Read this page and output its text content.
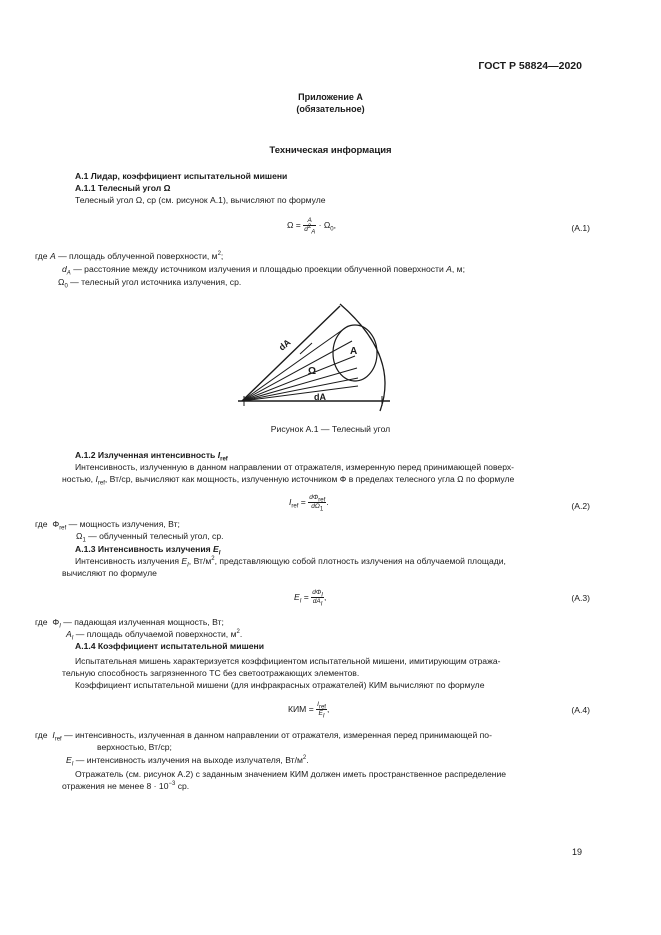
ГОСТ Р 58824—2020
Приложение А
(обязательное)
Техническая информация
А.1 Лидар, коэффициент испытательной мишени
А.1.1 Телесный угол Ω
Телесный угол Ω, ср (см. рисунок А.1), вычисляют по формуле
$\Omega = \frac{A}{d^2_A} \cdot \Omega_0$,	(А.1)
где A — площадь облученной поверхности, $м^2$;
$d_A$ — расстояние между источником излучения и площадью проекции облученной поверхности A, м;
$\Omega_0$ — телесный угол источника излучения, ср.
dA	A
Ω
dA
Рисунок А.1 — Телесный угол
А.1.2 Излученная интенсивность $I_{ref}$
Интенсивность, излученную в данном направлении от отражателя, измеренную перед принимающей поверх-
ностью, $I_{ref}$, Вт/ср, вычисляют как мощность, излученную источником Ф в пределах телесного угла Ω по формуле
$I_{ref} = \frac{d\Phi_{ref}}{d\Omega_1}$ .	(А.2)
где $\Phi_{ref}$ — мощность излучения, Вт;
$\Omega_1$ — облученный телесный угол, ср.
А.1.3 Интенсивность излучения $E_I$
Интенсивность излучения $E_I$, $Вт/м^2$, представляющую собой плотность излучения на облучаемой площади,
вычисляют по формуле
$E_I = \frac{d\Phi_I}{dA_I}$ ,	(А.3)
где $\Phi_I$ — падающая излученная мощность, Вт;
$A_I$ — площадь облучаемой поверхности, $м^2$.
А.1.4 Коэффициент испытательной мишени
Испытательная мишень характеризуется коэффициентом испытательной мишени, имитирующим отража-
тельную способность загрязненного ТС без светоотражающих элементов.
Коэффициент испытательной мишени (для инфракрасных отражателей) КИМ вычисляют по формуле
КИМ = $\frac{I_{ref}}{E_I}$ ,	(А.4)
где $I_{ref}$ — интенсивность, излученная в данном направлении от отражателя, измеренная перед принимающей по-
верхностью, Вт/ср;
$E_I$ — интенсивность излучения на выходе излучателя, $Вт/м^2$.
Отражатель (см. рисунок А.2) с заданным значением КИМ должен иметь пространственное распределение
отражения не менее $8 \cdot 10^{-3}$ ср.
19
